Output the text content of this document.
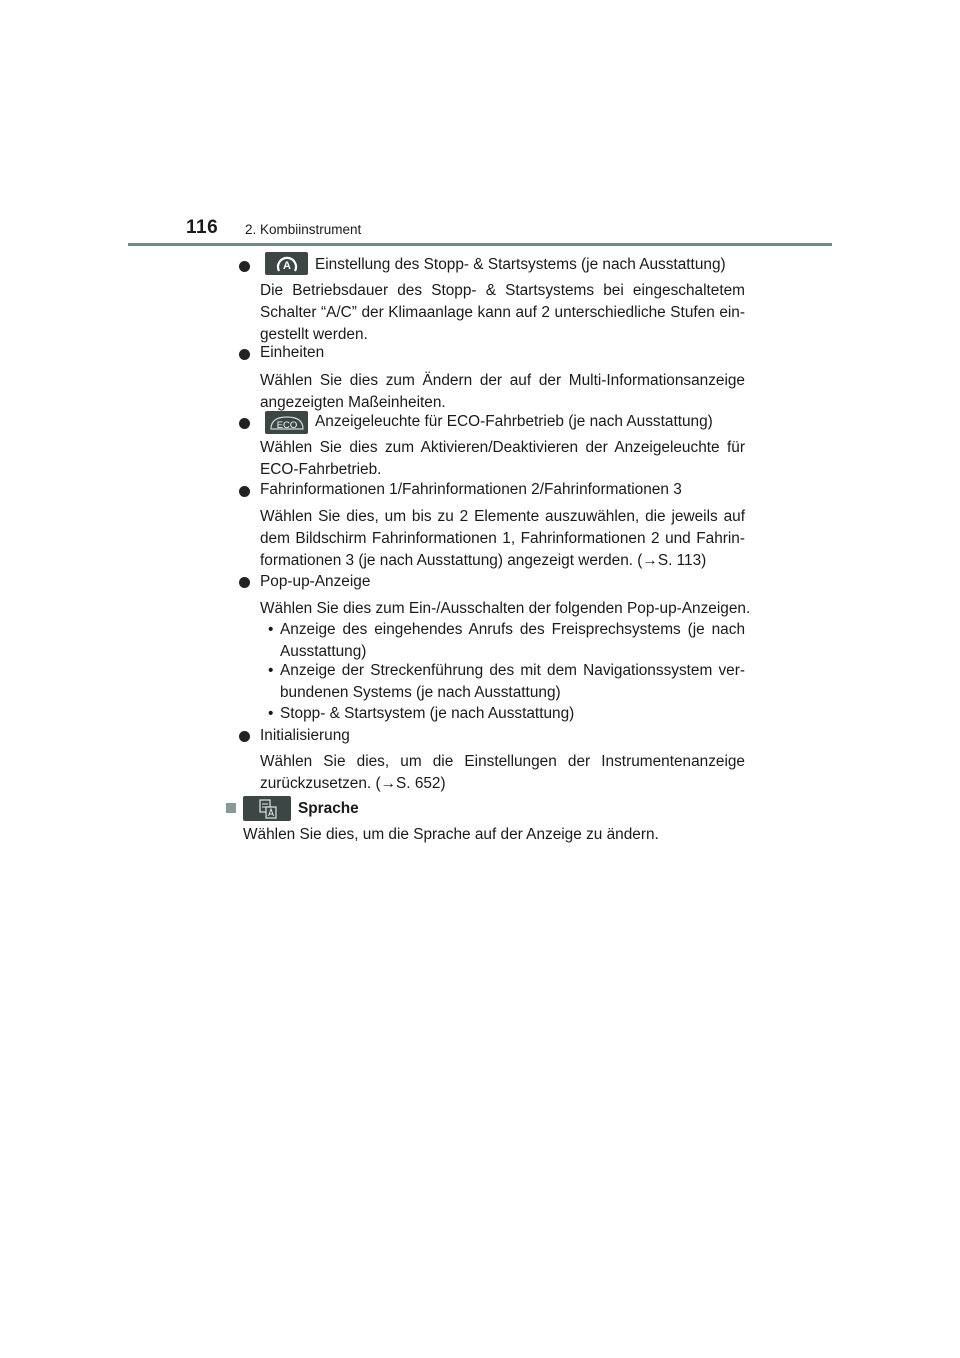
116 2. Kombiinstrument
A Einstellung des Stopp- & Startsystems (je nach Ausstattung)
Die Betriebsdauer des Stopp- & Startsystems bei eingeschaltetem
Schalter “A/C” der Klimaanlage kann auf 2 unterschiedliche Stufen ein-
gestellt werden.
Einheiten
Wählen Sie dies zum Ändern der auf der Multi-Informationsanzeige
angezeigten Maßeinheiten.
ECO Anzeigeleuchte für ECO-Fahrbetrieb (je nach Ausstattung)
Wählen Sie dies zum Aktivieren/Deaktivieren der Anzeigeleuchte für
ECO-Fahrbetrieb.
Fahrinformationen 1/Fahrinformationen 2/Fahrinformationen 3
Wählen Sie dies, um bis zu 2 Elemente auszuwählen, die jeweils auf
dem Bildschirm Fahrinformationen 1, Fahrinformationen 2 und Fahrin-
formationen 3 (je nach Ausstattung) angezeigt werden. (→S. 113)
Pop-up-Anzeige
Wählen Sie dies zum Ein-/Ausschalten der folgenden Pop-up-Anzeigen.
• Anzeige des eingehendes Anrufs des Freisprechsystems (je nach
Ausstattung)
• Anzeige der Streckenführung des mit dem Navigationssystem ver-
bundenen Systems (je nach Ausstattung)
• Stopp- & Startsystem (je nach Ausstattung)
Initialisierung
Wählen Sie dies, um die Einstellungen der Instrumentenanzeige
zurückzusetzen. (→S. 652)
Sprache
Wählen Sie dies, um die Sprache auf der Anzeige zu ändern.
